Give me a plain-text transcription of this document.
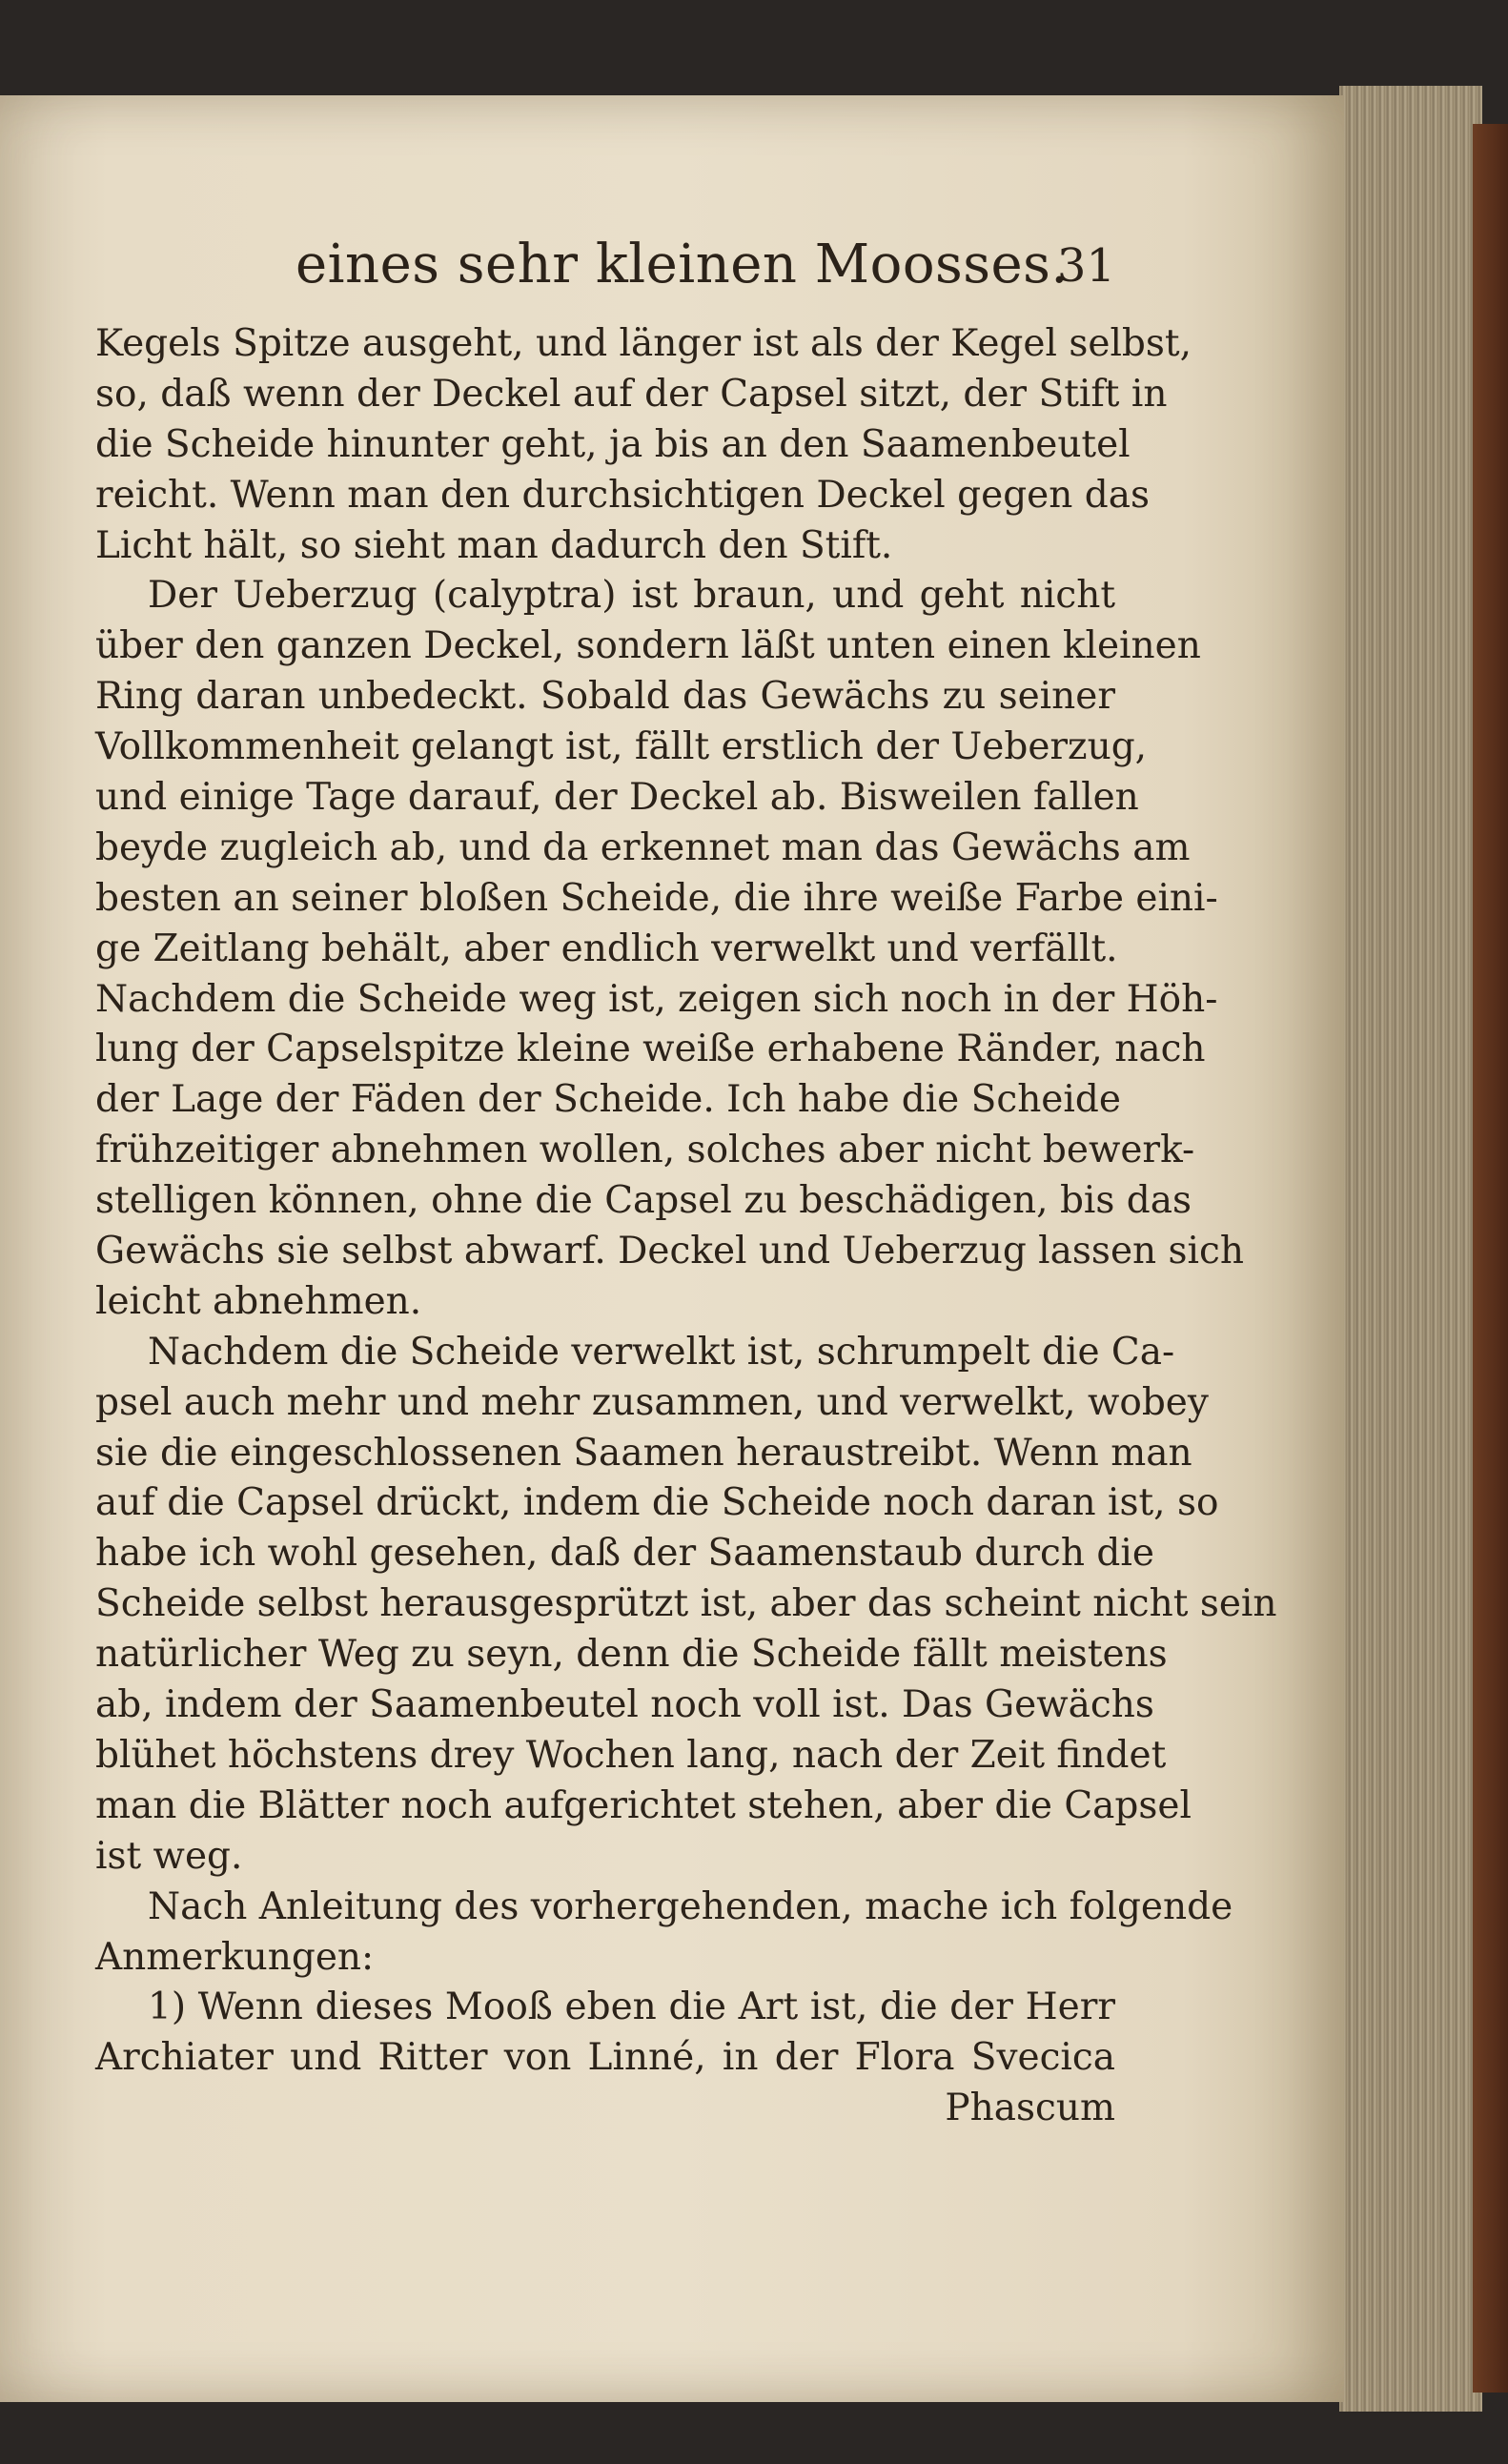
eines sehr kleinen Moosses.
31
Kegels Spitze ausgeht, und länger ist als der Kegel selbst,
so, daß wenn der Deckel auf der Capsel sitzt, der Stift in
die Scheide hinunter geht, ja bis an den Saamenbeutel
reicht. Wenn man den durchsichtigen Deckel gegen das
Licht hält, so sieht man dadurch den Stift.
Der Ueberzug (calyptra) ist braun, und geht nicht
über den ganzen Deckel, sondern läßt unten einen kleinen
Ring daran unbedeckt. Sobald das Gewächs zu seiner
Vollkommenheit gelangt ist, fällt erstlich der Ueberzug,
und einige Tage darauf, der Deckel ab. Bisweilen fallen
beyde zugleich ab, und da erkennet man das Gewächs am
besten an seiner bloßen Scheide, die ihre weiße Farbe eini-
ge Zeitlang behält, aber endlich verwelkt und verfällt.
Nachdem die Scheide weg ist, zeigen sich noch in der Höh-
lung der Capselspitze kleine weiße erhabene Ränder, nach
der Lage der Fäden der Scheide. Ich habe die Scheide
frühzeitiger abnehmen wollen, solches aber nicht bewerk-
stelligen können, ohne die Capsel zu beschädigen, bis das
Gewächs sie selbst abwarf. Deckel und Ueberzug lassen sich
leicht abnehmen.
Nachdem die Scheide verwelkt ist, schrumpelt die Ca-
psel auch mehr und mehr zusammen, und verwelkt, wobey
sie die eingeschlossenen Saamen heraustreibt. Wenn man
auf die Capsel drückt, indem die Scheide noch daran ist, so
habe ich wohl gesehen, daß der Saamenstaub durch die
Scheide selbst herausgesprützt ist, aber das scheint nicht sein
natürlicher Weg zu seyn, denn die Scheide fällt meistens
ab, indem der Saamenbeutel noch voll ist. Das Gewächs
blühet höchstens drey Wochen lang, nach der Zeit findet
man die Blätter noch aufgerichtet stehen, aber die Capsel
ist weg.
Nach Anleitung des vorhergehenden, mache ich folgende
Anmerkungen:
1) Wenn dieses Mooß eben die Art ist, die der Herr
Archiater und Ritter von Linné, in der Flora Svecica
Phascum
